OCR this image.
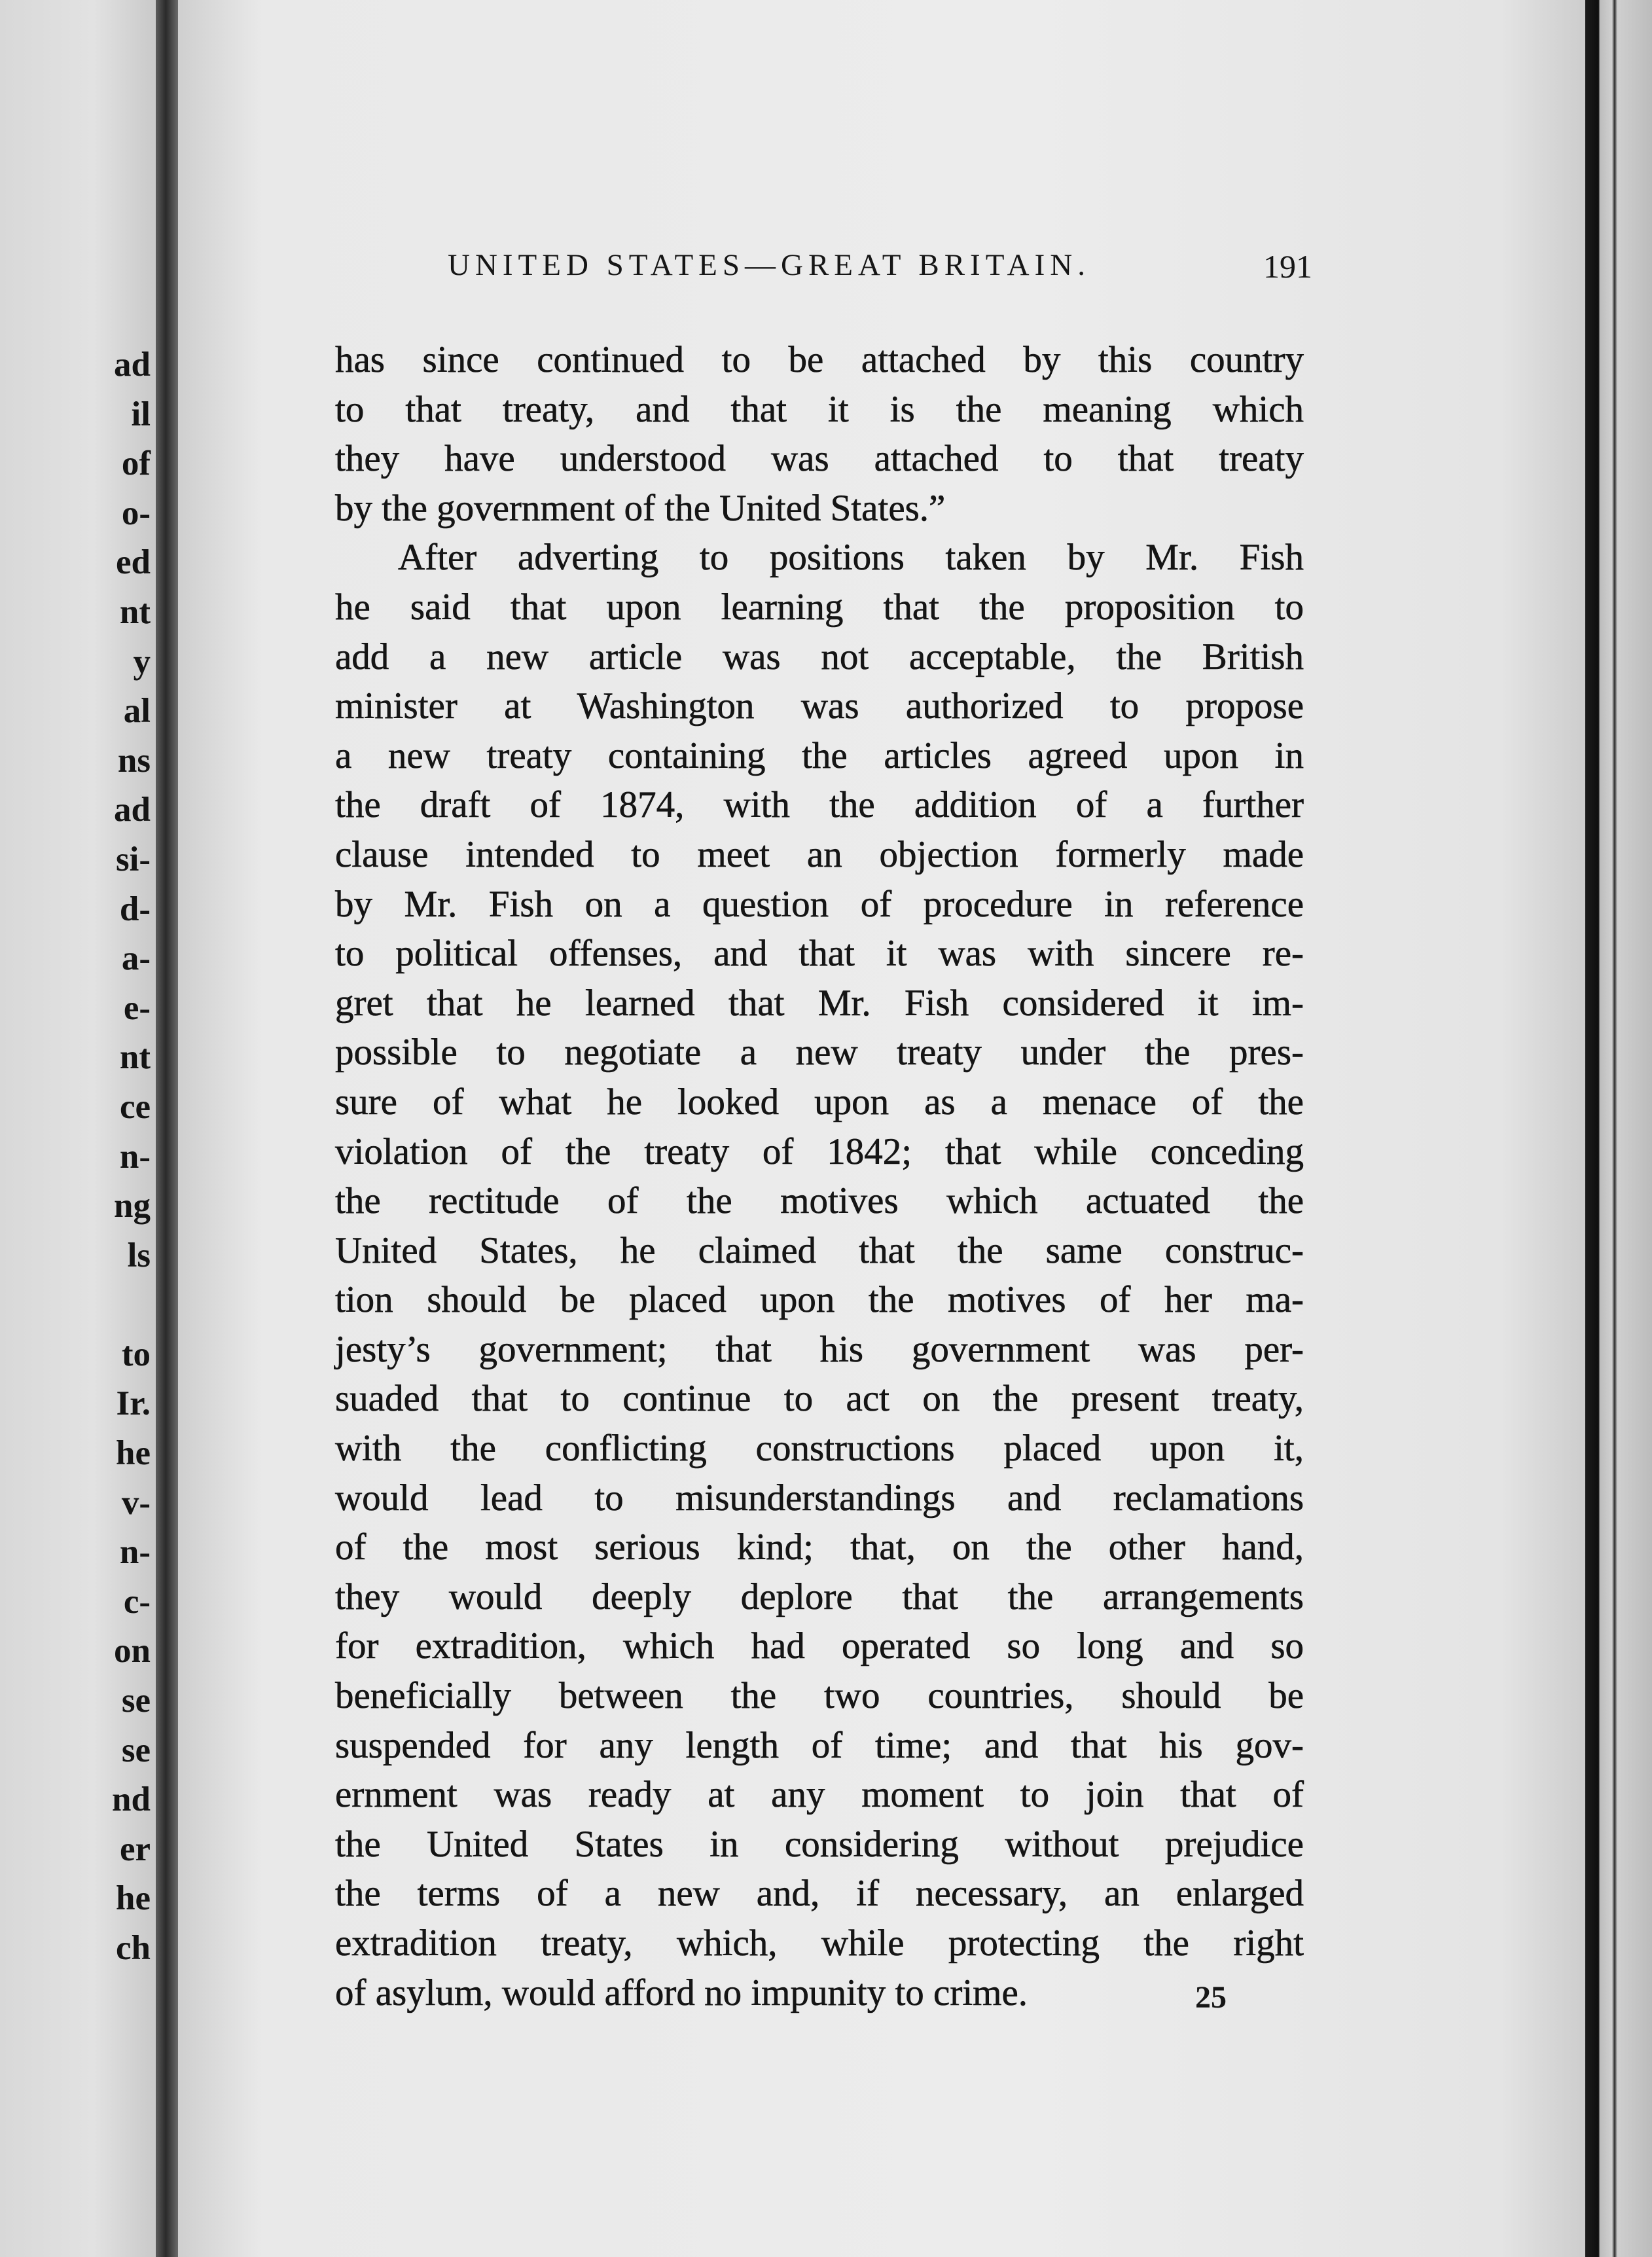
ad
il
of
o-
ed
nt
y
al
ns
ad
si-
d-
a-
e-
nt
ce
n-
ng
ls
to
Ir.
he
v-
n-
c-
on
se
se
nd
er
he
ch
UNITED STATES—GREAT BRITAIN.	191
has since continued to be attached by this country
to that treaty, and that it is the meaning which
they have understood was attached to that treaty
by the government of the United States.”
After adverting to positions taken by Mr. Fish
he said that upon learning that the proposition to
add a new article was not acceptable, the British
minister at Washington was authorized to propose
a new treaty containing the articles agreed upon in
the draft of 1874, with the addition of a further
clause intended to meet an objection formerly made
by Mr. Fish on a question of procedure in reference
to political offenses, and that it was with sincere re-
gret that he learned that Mr. Fish considered it im-
possible to negotiate a new treaty under the pres-
sure of what he looked upon as a menace of the
violation of the treaty of 1842; that while conceding
the rectitude of the motives which actuated the
United States, he claimed that the same construc-
tion should be placed upon the motives of her ma-
jesty’s government; that his government was per-
suaded that to continue to act on the present treaty,
with the conflicting constructions placed upon it,
would lead to misunderstandings and reclamations
of the most serious kind; that, on the other hand,
they would deeply deplore that the arrangements
for extradition, which had operated so long and so
beneficially between the two countries, should be
suspended for any length of time; and that his gov-
ernment was ready at any moment to join that of
the United States in considering without prejudice
the terms of a new and, if necessary, an enlarged
extradition treaty, which, while protecting the right
of asylum, would afford no impunity to crime.	25
